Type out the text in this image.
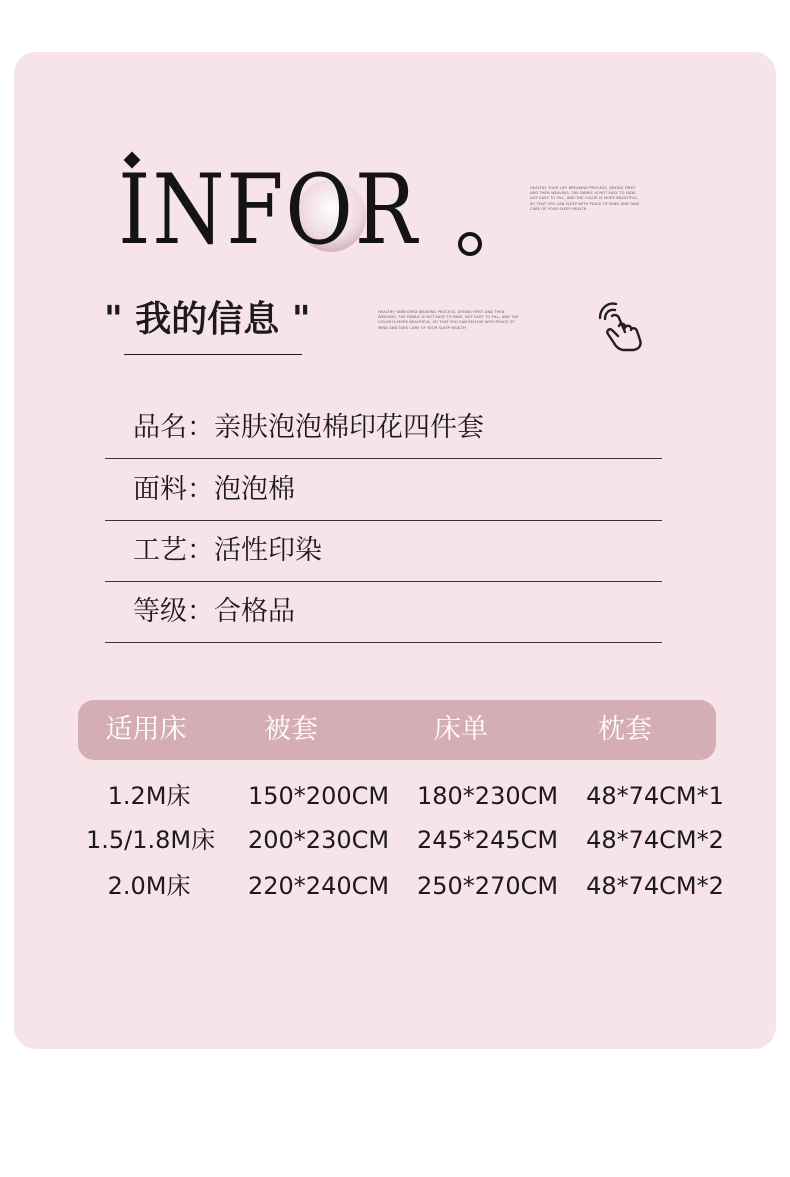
INFOR	HEALTHY YOUR LIFE BREAKING PROCESS, DRYING FIRST AND THEN WEAVING, THE FABRIC IS NOT EASY TO FADE, NOT EASY TO PILL, AND THE COLOR IS MORE BEAUTIFUL, SO THAT YOU CAN SLEEP WITH PEACE OF MIND AND TAKE CARE OF YOUR SLEEP HEALTH
" 我的信息 "	HEALTHY YARN DYED WEAVING PROCESS, DYEING FIRST AND THEN WEAVING, THE FABRIC IS NOT EASY TO FADE, NOT EASY TO PILL, AND THE COLOR IS MORE BEAUTIFUL, SO THAT YOU CAN RELIEVE WITH PEACE OF MIND AND TAKE CARE OF YOUR SLEEP HEALTH
品名：亲肤泡泡棉印花四件套
面料：泡泡棉
工艺：活性印染
等级：合格品
适用床	被套	床单	枕套
1.2M床	150*200CM 180*230CM 48*74CM*1
1.5/1.8M床 200*230CM 245*245CM 48*74CM*2
2.0M床	220*240CM 250*270CM 48*74CM*2
